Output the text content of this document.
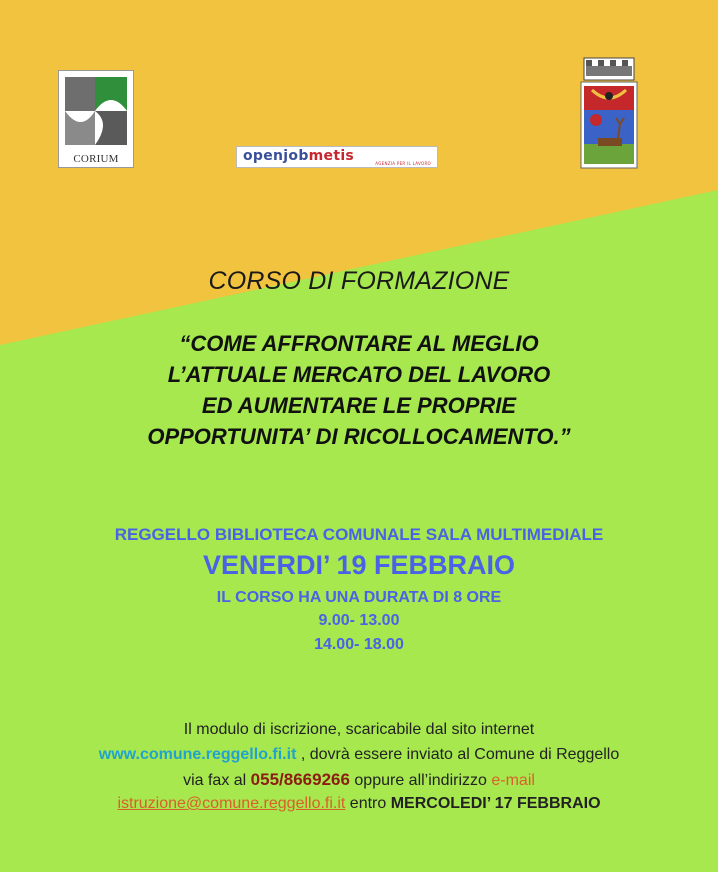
CORIUM	openjobmetis	AGENZIA PER IL LAVORO
CORSO DI FORMAZIONE
“COME AFFRONTARE AL MEGLIO
L’ATTUALE MERCATO DEL LAVORO
ED AUMENTARE LE PROPRIE
OPPORTUNITA’ DI RICOLLOCAMENTO.”
REGGELLO BIBLIOTECA COMUNALE SALA MULTIMEDIALE
VENERDI’ 19 FEBBRAIO
IL CORSO HA UNA DURATA DI 8 ORE
9.00- 13.00
14.00- 18.00
Il modulo di iscrizione, scaricabile dal sito internet
www.comune.reggello.fi.it , dovrà essere inviato al Comune di Reggello
via fax al 055/8669266 oppure all’indirizzo e-mail
istruzione@comune.reggello.fi.it entro MERCOLEDI’ 17 FEBBRAIO
